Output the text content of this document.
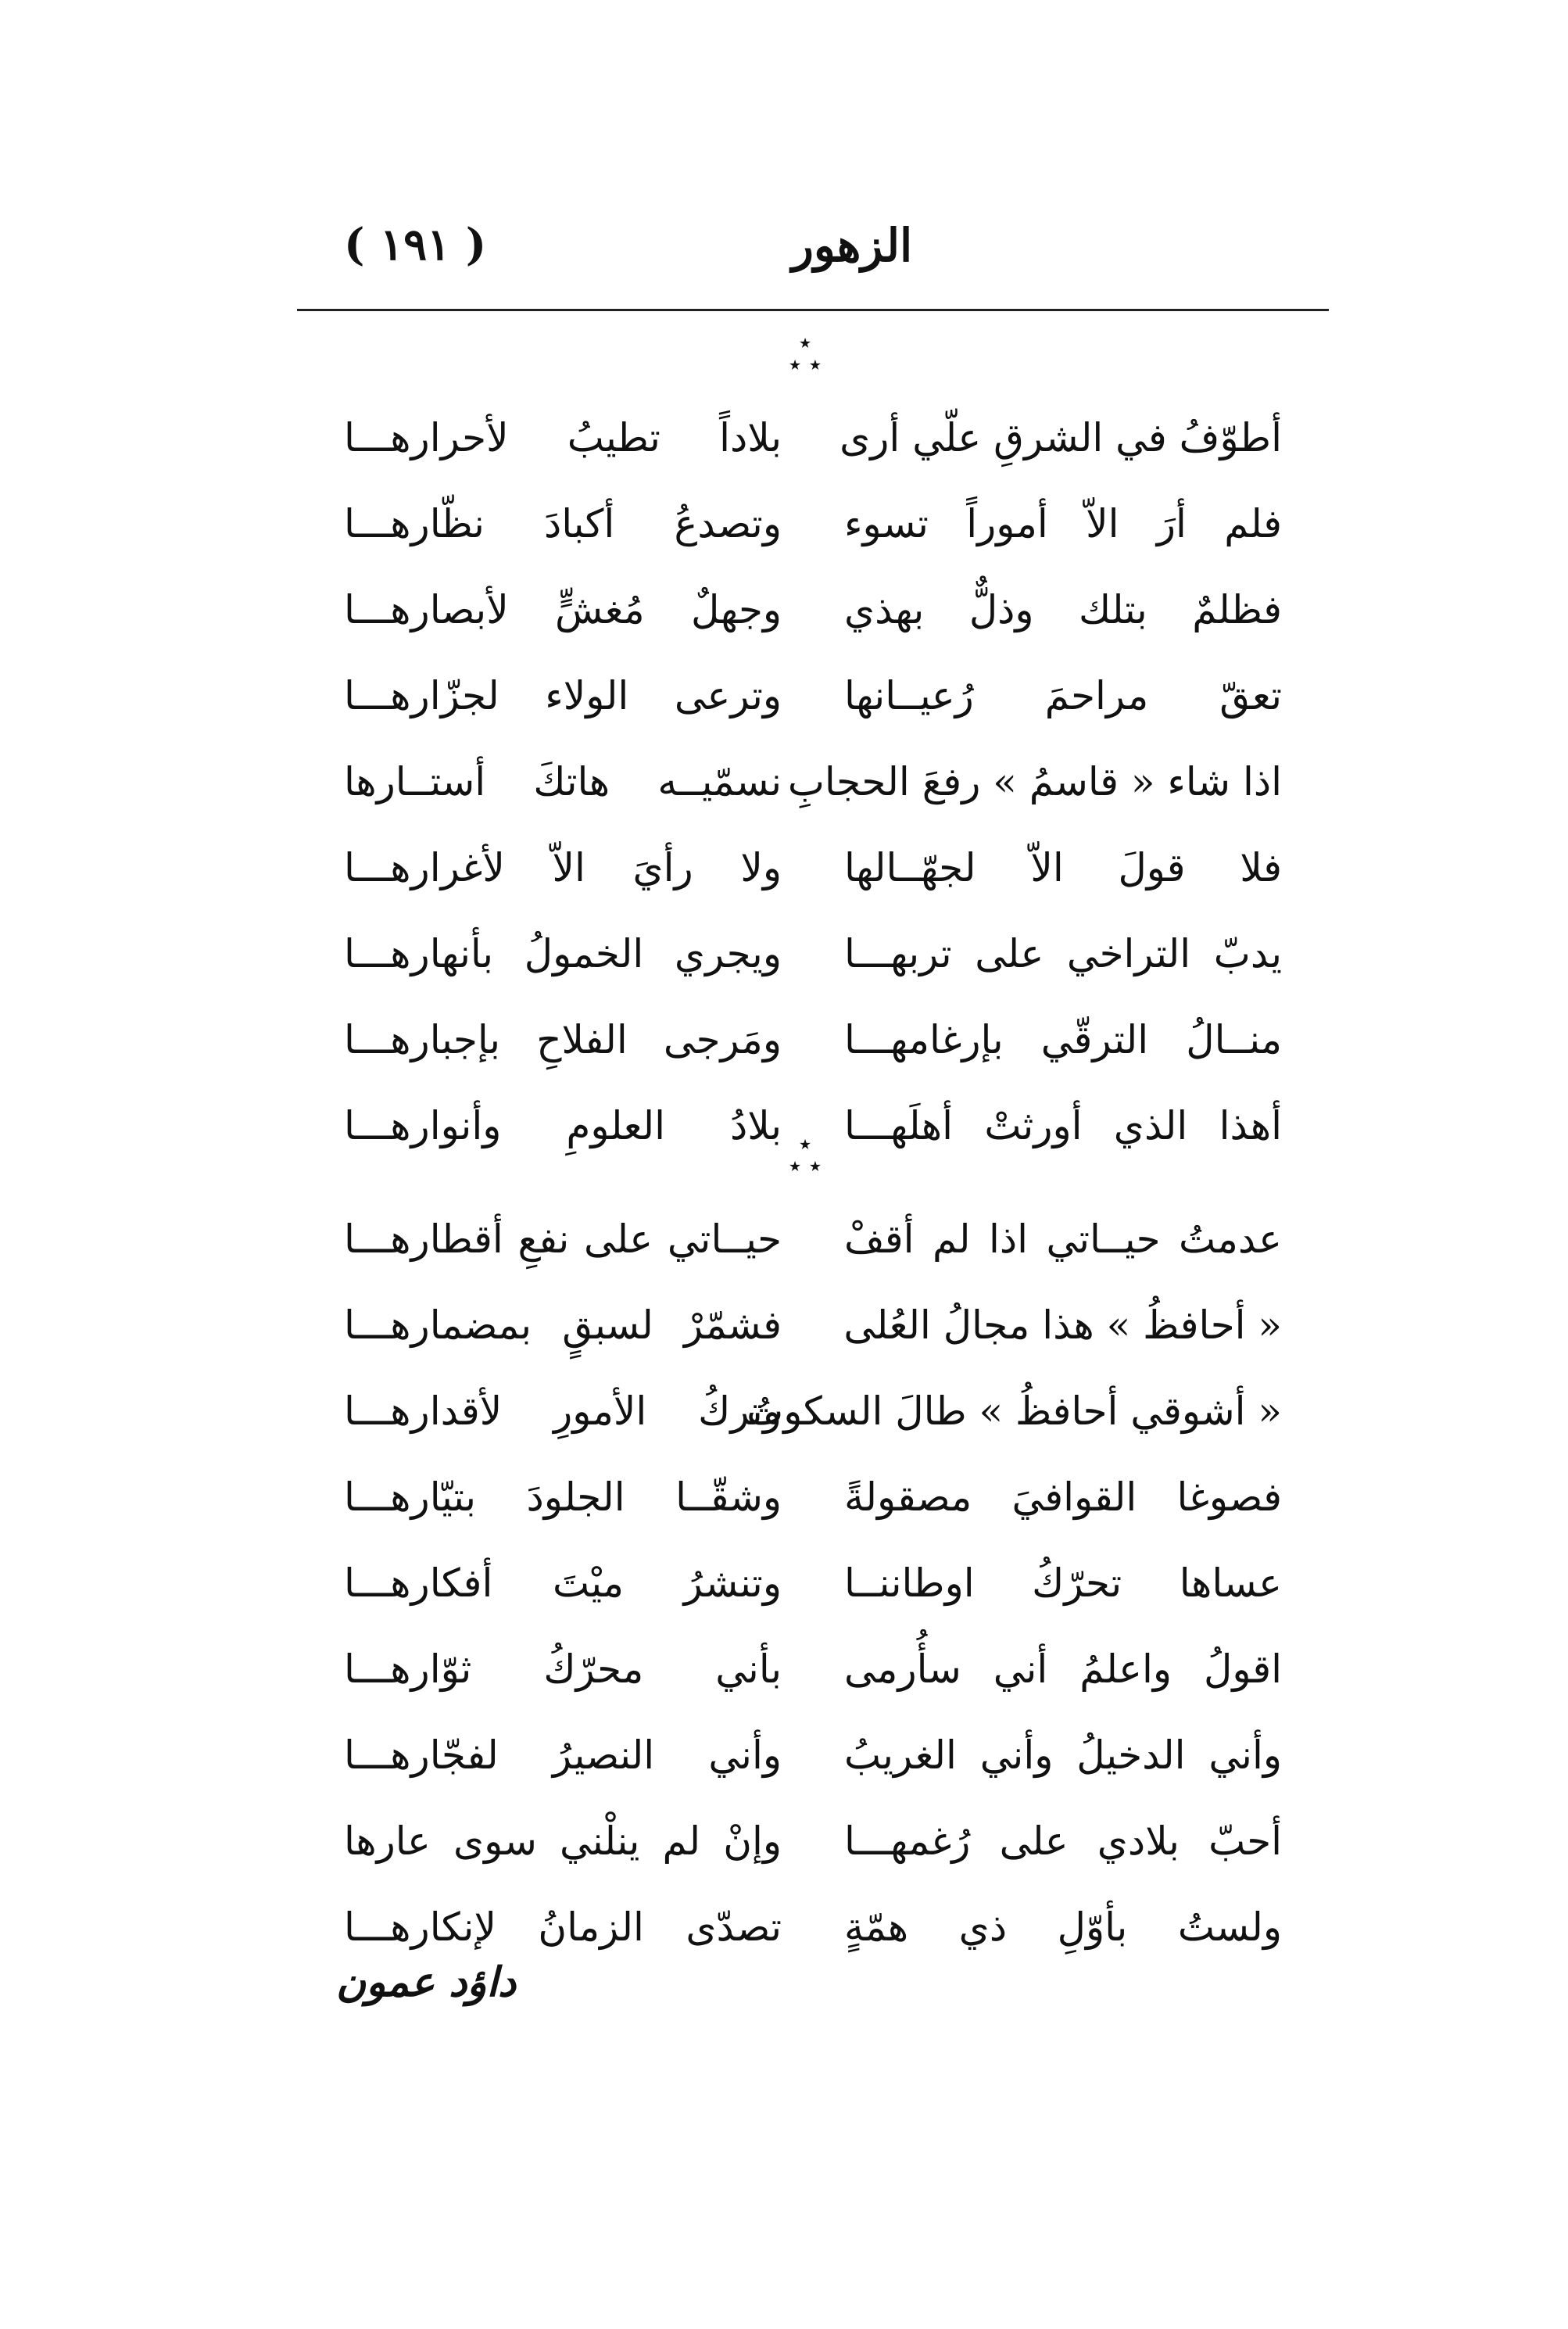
الزهور
( ١٩١ )
٭
٭ ٭
أطوّفُ في الشرقِ علّي أرى
بلاداً تطيبُ لأحرارهـــا
فلم أرَ الاّ أموراً تسوء
وتصدعُ أكبادَ نظّارهـــا
فظلمٌ بتلك وذلٌّ بهذي
وجهلٌ مُغشٍّ لأبصارهـــا
تعقّ مراحمَ رُعيــانها
وترعى الولاء لجزّارهـــا
اذا شاء « قاسمُ » رفعَ الحجابِ
نسمّيــه هاتكَ أستــارها
فلا قولَ الاّ لجهّــالها
ولا رأيَ الاّ لأغرارهـــا
يدبّ التراخي على تربهـــا
ويجري الخمولُ بأنهارهـــا
منــالُ الترقّي بإرغامهـــا
ومَرجى الفلاحِ بإجبارهـــا
أهذا الذي أورثتْ أهلَهـــا
بلادُ العلومِ وأنوارهـــا ٭
٭ ٭
عدمتُ حيــاتي اذا لم أقفْ
حيــاتي على نفعِ أقطارهـــا
« أحافظُ » هذا مجالُ العُلى
فشمّرْ لسبقٍ بمضمارهـــا
« أشوقي أحافظُ » طالَ السكوتُ
وتركُ الأمورِ لأقدارهـــا
فصوغا القوافيَ مصقولةً
وشقّــا الجلودَ بتيّارهـــا
عساها تحرّكُ اوطاننــا
وتنشرُ ميْتَ أفكارهـــا
اقولُ واعلمُ أني سأُرمى
بأني محرّكُ ثوّارهـــا
وأني الدخيلُ وأني الغريبُ
وأني النصيرُ لفجّارهـــا
أحبّ بلادي على رُغمهـــا
وإنْ لم ينلْني سوى عارها
ولستُ بأوّلِ ذي همّةٍ
تصدّى الزمانُ لإنكارهـــا
داؤد عمون
